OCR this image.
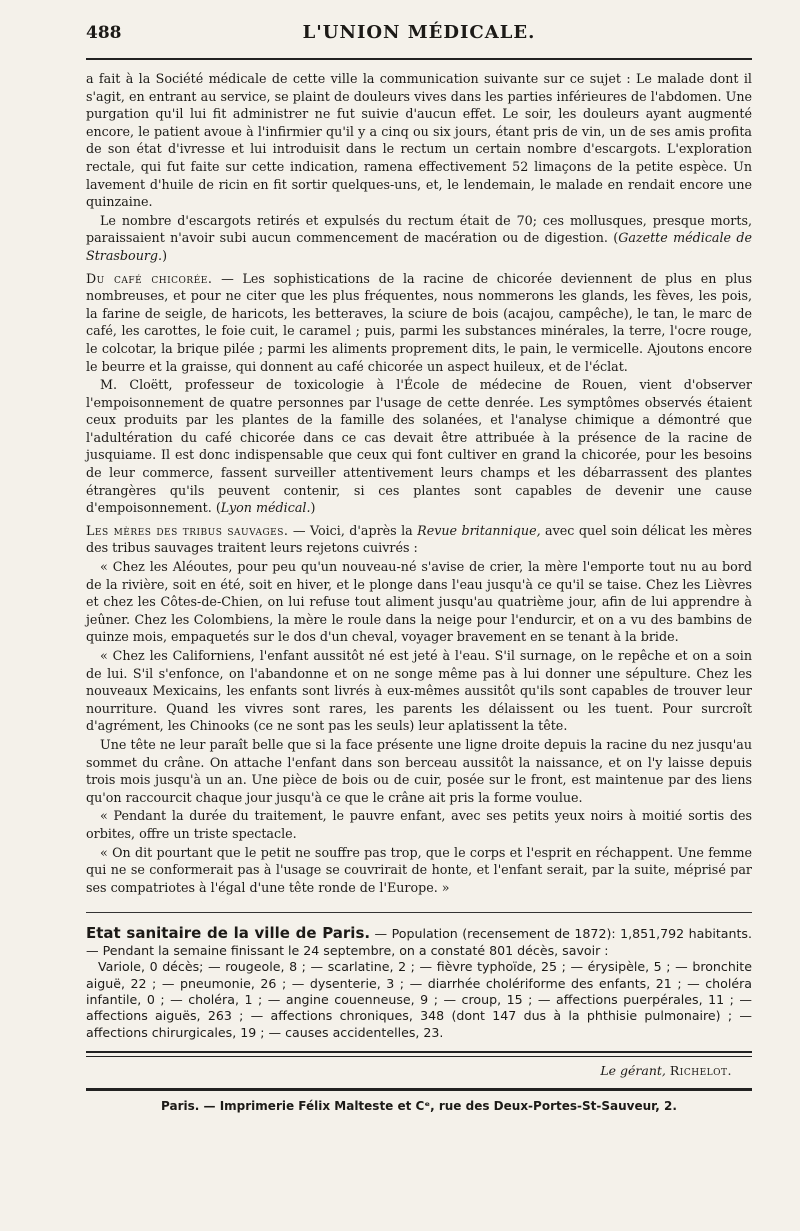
488	L'UNION MÉDICALE.

a fait à la Société médicale de cette ville la communication suivante sur ce sujet : Le malade dont il s'agit, en entrant au service, se plaint de douleurs vives dans les parties inférieures de l'abdomen. Une purgation qu'il lui fit administrer ne fut suivie d'aucun effet. Le soir, les douleurs ayant augmenté encore, le patient avoue à l'infirmier qu'il y a cinq ou six jours, étant pris de vin, un de ses amis profita de son état d'ivresse et lui introduisit dans le rectum un certain nombre d'escargots. L'exploration rectale, qui fut faite sur cette indication, ramena effectivement 52 limaçons de la petite espèce. Un lavement d'huile de ricin en fit sortir quelques-uns, et, le lendemain, le malade en rendait encore une quinzaine.

Le nombre d'escargots retirés et expulsés du rectum était de 70; ces mollusques, presque morts, paraissaient n'avoir subi aucun commencement de macération ou de digestion. (Gazette médicale de Strasbourg.)

Du café chicorée. — Les sophistications de la racine de chicorée deviennent de plus en plus nombreuses, et pour ne citer que les plus fréquentes, nous nommerons les glands, les fèves, les pois, la farine de seigle, de haricots, les betteraves, la sciure de bois (acajou, campêche), le tan, le marc de café, les carottes, le foie cuit, le caramel ; puis, parmi les substances minérales, la terre, l'ocre rouge, le colcotar, la brique pilée ; parmi les aliments proprement dits, le pain, le vermicelle. Ajoutons encore le beurre et la graisse, qui donnent au café chicorée un aspect huileux, et de l'éclat.

M. Cloëtt, professeur de toxicologie à l'École de médecine de Rouen, vient d'observer l'empoisonnement de quatre personnes par l'usage de cette denrée. Les symptômes observés étaient ceux produits par les plantes de la famille des solanées, et l'analyse chimique a démontré que l'adultération du café chicorée dans ce cas devait être attribuée à la présence de la racine de jusquiame. Il est donc indispensable que ceux qui font cultiver en grand la chicorée, pour les besoins de leur commerce, fassent surveiller attentivement leurs champs et les débarrassent des plantes étrangères qu'ils peuvent contenir, si ces plantes sont capables de devenir une cause d'empoisonnement. (Lyon médical.)

Les mères des tribus sauvages. — Voici, d'après la Revue britannique, avec quel soin délicat les mères des tribus sauvages traitent leurs rejetons cuivrés :

« Chez les Aléoutes, pour peu qu'un nouveau-né s'avise de crier, la mère l'emporte tout nu au bord de la rivière, soit en été, soit en hiver, et le plonge dans l'eau jusqu'à ce qu'il se taise. Chez les Lièvres et chez les Côtes-de-Chien, on lui refuse tout aliment jusqu'au quatrième jour, afin de lui apprendre à jeûner. Chez les Colombiens, la mère le roule dans la neige pour l'endurcir, et on a vu des bambins de quinze mois, empaquetés sur le dos d'un cheval, voyager bravement en se tenant à la bride.

« Chez les Californiens, l'enfant aussitôt né est jeté à l'eau. S'il surnage, on le repêche et on a soin de lui. S'il s'enfonce, on l'abandonne et on ne songe même pas à lui donner une sépulture. Chez les nouveaux Mexicains, les enfants sont livrés à eux-mêmes aussitôt qu'ils sont capables de trouver leur nourriture. Quand les vivres sont rares, les parents les délaissent ou les tuent. Pour surcroît d'agrément, les Chinooks (ce ne sont pas les seuls) leur aplatissent la tête.

Une tête ne leur paraît belle que si la face présente une ligne droite depuis la racine du nez jusqu'au sommet du crâne. On attache l'enfant dans son berceau aussitôt la naissance, et on l'y laisse depuis trois mois jusqu'à un an. Une pièce de bois ou de cuir, posée sur le front, est maintenue par des liens qu'on raccourcit chaque jour jusqu'à ce que le crâne ait pris la forme voulue.

« Pendant la durée du traitement, le pauvre enfant, avec ses petits yeux noirs à moitié sortis des orbites, offre un triste spectacle.

« On dit pourtant que le petit ne souffre pas trop, que le corps et l'esprit en réchappent. Une femme qui ne se conformerait pas à l'usage se couvrirait de honte, et l'enfant serait, par la suite, méprisé par ses compatriotes à l'égal d'une tête ronde de l'Europe. »

Etat sanitaire de la ville de Paris. — Population (recensement de 1872): 1,851,792 habitants. — Pendant la semaine finissant le 24 septembre, on a constaté 801 décès, savoir :

Variole, 0 décès; — rougeole, 8 ; — scarlatine, 2 ; — fièvre typhoïde, 25 ; — érysipèle, 5 ; — bronchite aiguë, 22 ; — pneumonie, 26 ; — dysenterie, 3 ; — diarrhée cholériforme des enfants, 21 ; — choléra infantile, 0 ; — choléra, 1 ; — angine couenneuse, 9 ; — croup, 15 ; — affections puerpérales, 11 ; — affections aiguës, 263 ; — affections chroniques, 348 (dont 147 dus à la phthisie pulmonaire) ; — affections chirurgicales, 19 ; — causes accidentelles, 23.

Le gérant, Richelot.
Paris. — Imprimerie Félix Malteste et Cᵉ, rue des Deux-Portes-St-Sauveur, 2.
